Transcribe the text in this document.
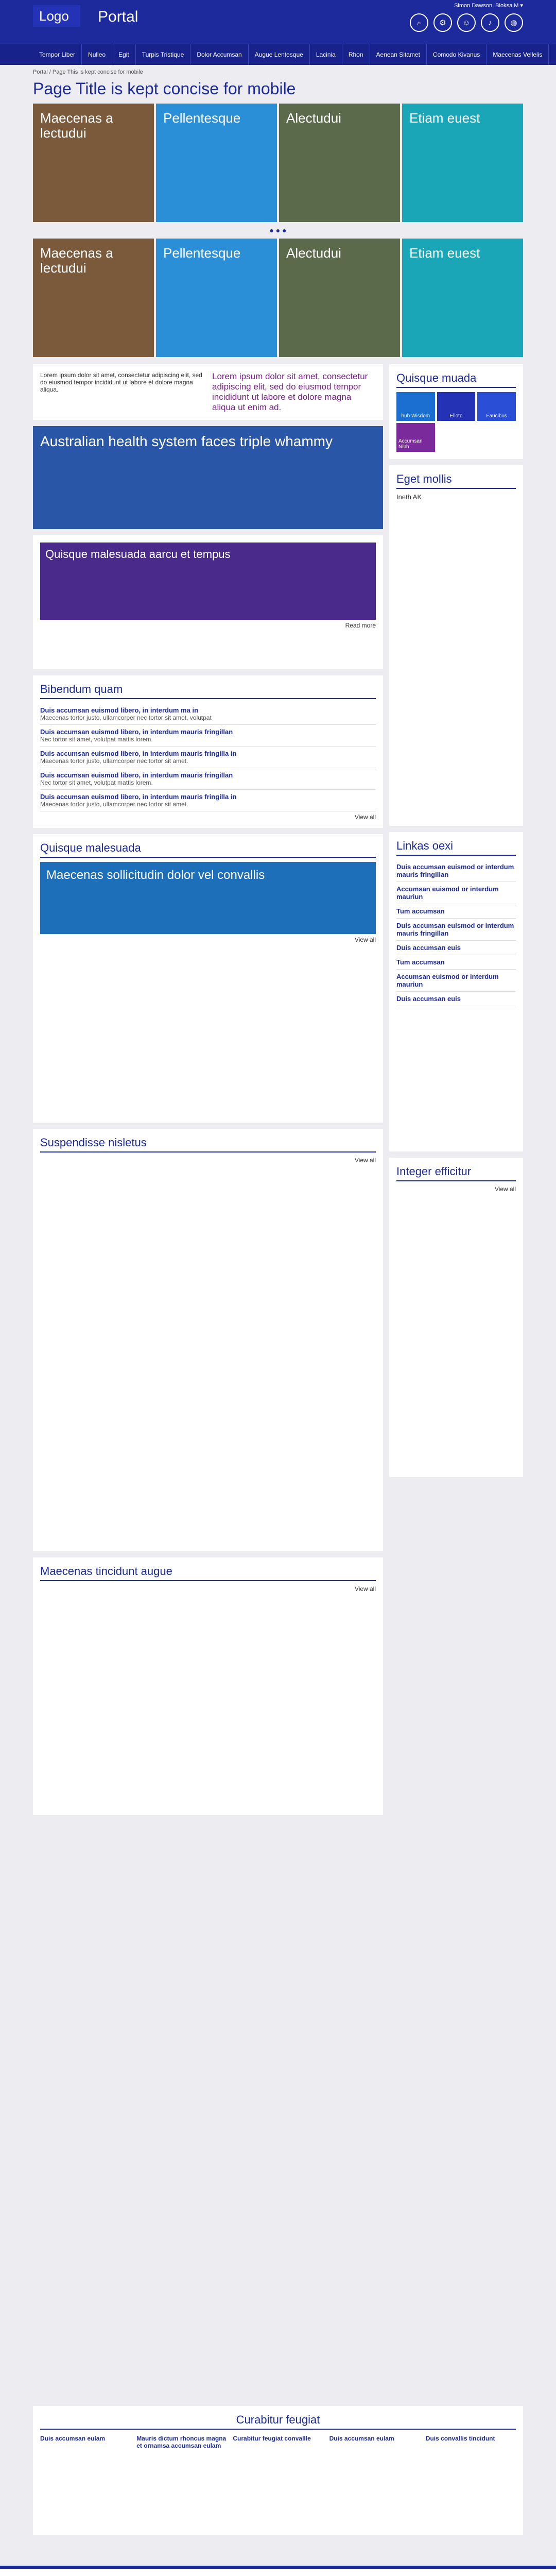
Logo	Portal
Simon Dawson, Bioksa M ▾
⌕	⚙	☺	♪	◍
Tempor Liber	Nulleo	Egit	Turpis Tristique	Dolor Accumsan	Augue Lentesque	Lacinia	Rhon	Aenean Sitamet	Comodo Kivanus	Maecenas Vellelis
Portal / Page This is kept concise for mobile
Page Title is kept concise for mobile
Maecenas a lectudui
Pellentesque	Alectudui	Etiam euest
● ● ●
Maecenas a lectudui
Pellentesque	Alectudui	Etiam euest

Lorem ipsum dolor sit amet, consectetur adipiscing elit, sed do eiusmod tempor incididunt ut labore et dolore magna aliqua.

Lorem ipsum dolor sit amet, consectetur adipiscing elit, sed do eiusmod tempor incididunt ut labore et dolore magna aliqua ut enim ad.

Australian health system faces triple whammy
Quisque malesuada aarcu et tempus
Read more
Bibendum quam
Duis accumsan euismod libero, in interdum ma in

Maecenas tortor justo, ullamcorper nec tortor sit amet, volutpat

Duis accumsan euismod libero, in interdum mauris fringillan

Nec tortor sit amet, volutpat mattis lorem.

Duis accumsan euismod libero, in interdum mauris fringilla in

Maecenas tortor justo, ullamcorper nec tortor sit amet.

Duis accumsan euismod libero, in interdum mauris fringillan

Nec tortor sit amet, volutpat mattis lorem.

Duis accumsan euismod libero, in interdum mauris fringilla in

Maecenas tortor justo, ullamcorper nec tortor sit amet.

View all
Quisque malesuada
Maecenas sollicitudin dolor vel convallis
View all
Suspendisse nisletus
View all
Maecenas tincidunt augue
View all
Quisque muada
hub Wisdom	Elloto	Faucibus
Accumsan Nibh
Eget mollis
Ineth AK
Linkas oexi
Duis accumsan euismod or interdum mauris fringillan
Accumsan euismod or interdum mauriun
Tum accumsan
Duis accumsan euismod or interdum mauris fringillan
Duis accumsan euis
Tum accumsan
Accumsan euismod or interdum mauriun
Duis accumsan euis
Integer efficitur
View all
Curabitur feugiat
Duis accumsan eulam	Mauris dictum rhoncus magna et ornamsa accumsan eulam
Curabitur feugiat convallle	Duis accumsan eulam	Duis convallis tincidunt
